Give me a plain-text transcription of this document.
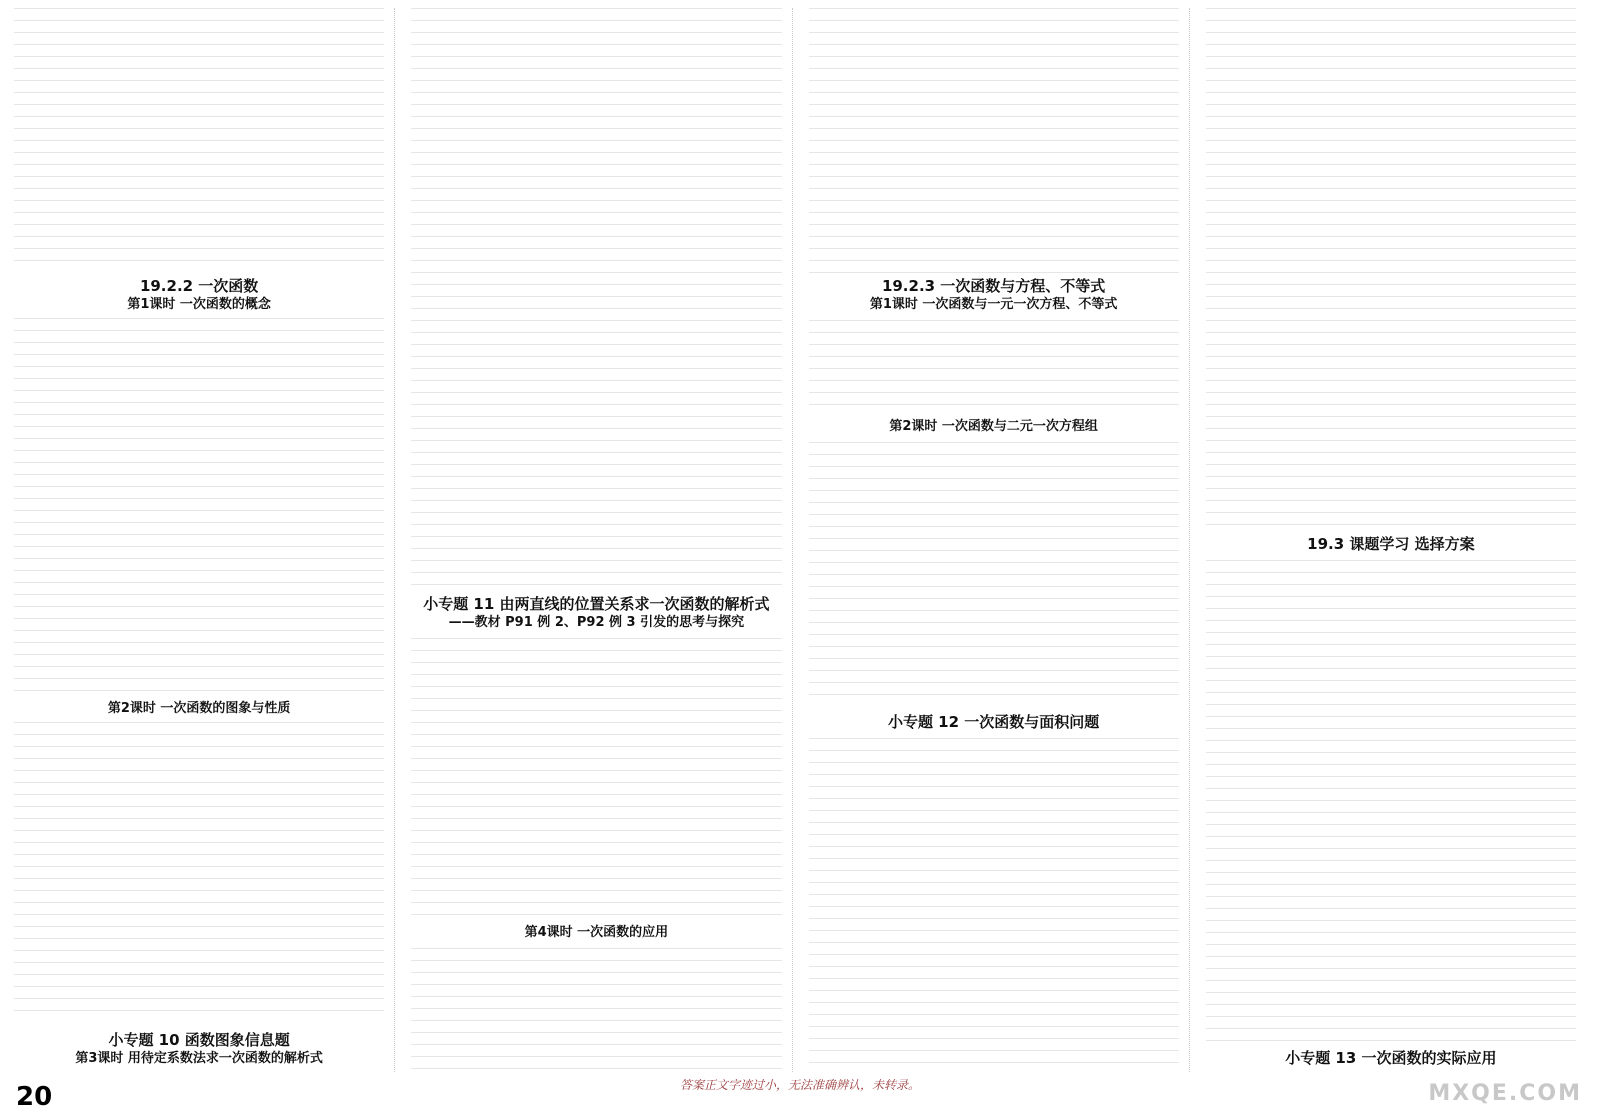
19.2.2 一次函数
第1课时 一次函数的概念
第2课时 一次函数的图象与性质
小专题 10 函数图象信息题
第3课时 用待定系数法求一次函数的解析式
小专题 11 由两直线的位置关系求一次函数的解析式
——教材 P91 例 2、P92 例 3 引发的思考与探究
第4课时 一次函数的应用
19.2.3 一次函数与方程、不等式
第1课时 一次函数与一元一次方程、不等式
第2课时 一次函数与二元一次方程组
小专题 12 一次函数与面积问题
19.3 课题学习 选择方案
小专题 13 一次函数的实际应用
答案正文字迹过小，无法准确辨认，未转录。
20	MXQE.COM
